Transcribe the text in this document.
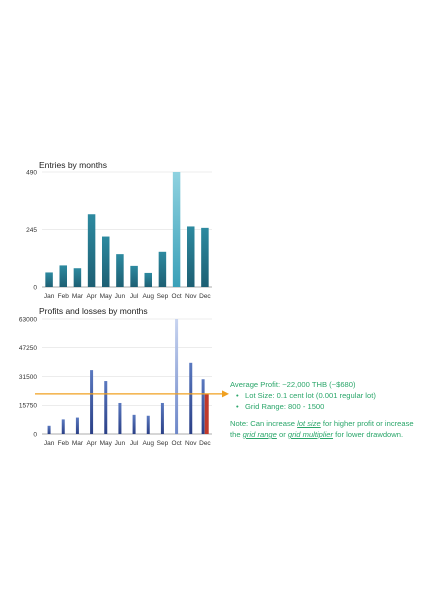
Entries by months
Profits and losses by months
0
245
490
Jan Feb Mar Apr May Jun Jul Aug Sep Oct Nov Dec
0
15750
31500
47250
63000
Jan Feb Mar Apr May Jun Jul Aug Sep Oct Nov Dec
Average Profit: ~22,000 THB (~$680)
• Lot Size: 0.1 cent lot (0.001 regular lot)
• Grid Range: 800 - 1500
Note: Can increase lot size for higher profit or increase the grid range or grid multiplier for lower drawdown.
